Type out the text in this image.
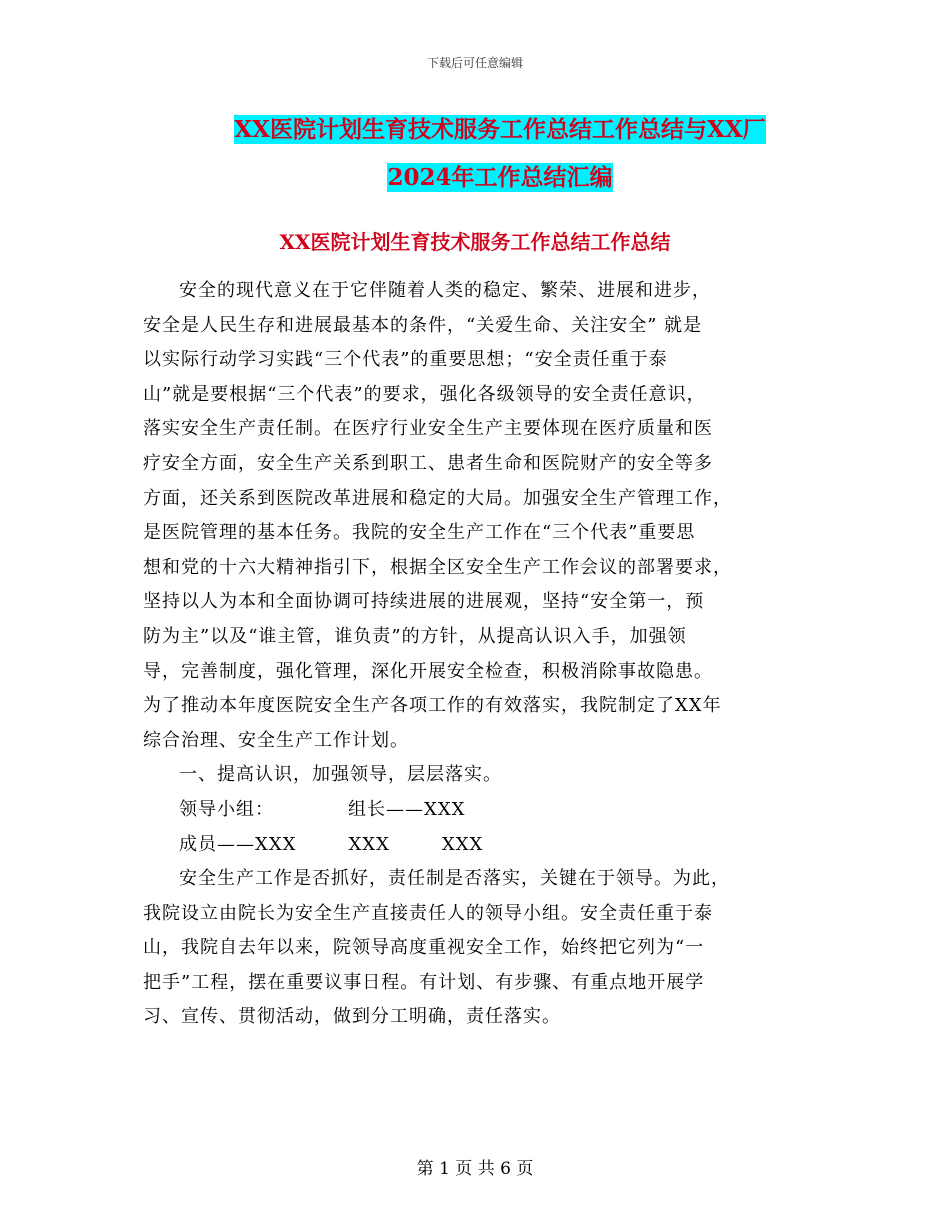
下载后可任意编辑
XX医院计划生育技术服务工作总结工作总结与XX厂
2024年工作总结汇编
XX医院计划生育技术服务工作总结工作总结
安全的现代意义在于它伴随着人类的稳定、繁荣、进展和进步，
安全是人民生存和进展最基本的条件，“关爱生命、关注安全” 就是
以实际行动学习实践“三个代表”的重要思想；“安全责任重于泰
山”就是要根据“三个代表”的要求，强化各级领导的安全责任意识，
落实安全生产责任制。在医疗行业安全生产主要体现在医疗质量和医
疗安全方面，安全生产关系到职工、患者生命和医院财产的安全等多
方面，还关系到医院改革进展和稳定的大局。加强安全生产管理工作，
是医院管理的基本任务。我院的安全生产工作在“三个代表”重要思
想和党的十六大精神指引下，根据全区安全生产工作会议的部署要求，
坚持以人为本和全面协调可持续进展的进展观，坚持“安全第一，预
防为主”以及“谁主管，谁负责”的方针，从提高认识入手，加强领
导，完善制度，强化管理，深化开展安全检查，积极消除事故隐患。
为了推动本年度医院安全生产各项工作的有效落实，我院制定了XX年
综合治理、安全生产工作计划。
一、提高认识，加强领导，层层落实。
领导小组：	组长——XXX
成员——XXX	XXX	XXX
安全生产工作是否抓好，责任制是否落实，关键在于领导。为此，
我院设立由院长为安全生产直接责任人的领导小组。安全责任重于泰
山，我院自去年以来，院领导高度重视安全工作，始终把它列为“一
把手”工程，摆在重要议事日程。有计划、有步骤、有重点地开展学
习、宣传、贯彻活动，做到分工明确，责任落实。
第 1 页 共 6 页
